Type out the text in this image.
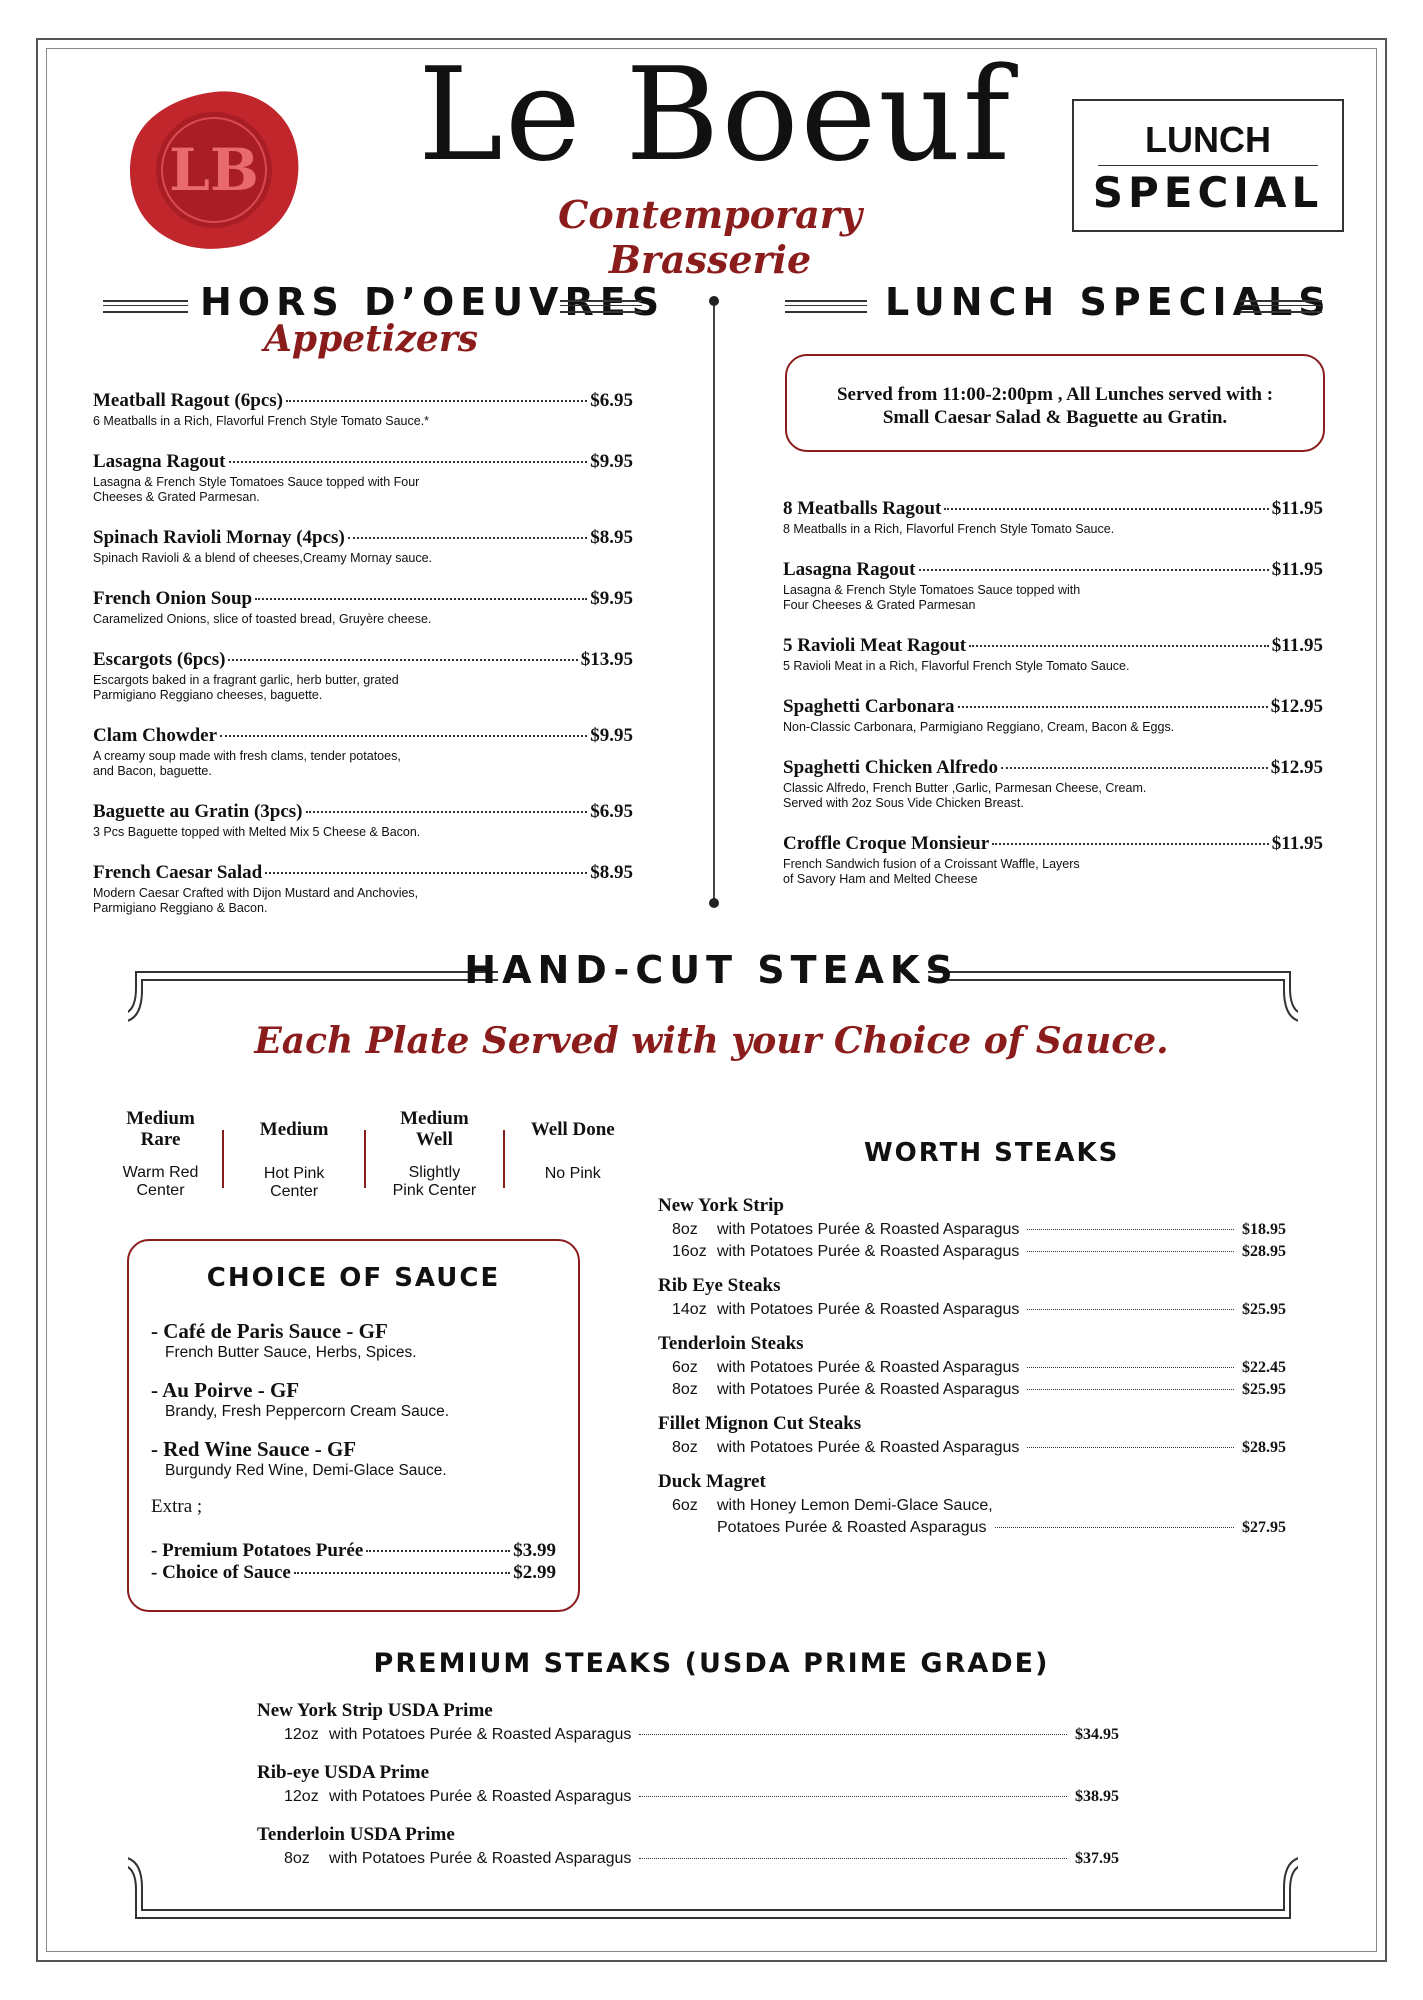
LB Le Boeuf
Contemporary Brasserie
LUNCH
SPECIAL
HORS D’OEUVRES
Appetizers
Meatball Ragout (6pcs)	$6.95
6 Meatballs in a Rich, Flavorful French Style Tomato Sauce.*
Lasagna Ragout	$9.95
Lasagna & French Style Tomatoes Sauce topped with Four
Cheeses & Grated Parmesan.
Spinach Ravioli Mornay (4pcs)	$8.95
Spinach Ravioli & a blend of cheeses,Creamy Mornay sauce.
French Onion Soup	$9.95
Caramelized Onions, slice of toasted bread, Gruyère cheese.
Escargots (6pcs)	$13.95
Escargots baked in a fragrant garlic, herb butter, grated
Parmigiano Reggiano cheeses, baguette.
Clam Chowder	$9.95
A creamy soup made with fresh clams, tender potatoes,
and Bacon, baguette.
Baguette au Gratin (3pcs)	$6.95
3 Pcs Baguette topped with Melted Mix 5 Cheese & Bacon.
French Caesar Salad	$8.95
Modern Caesar Crafted with Dijon Mustard and Anchovies,
Parmigiano Reggiano & Bacon.
LUNCH SPECIALS
Served from 11:00-2:00pm , All Lunches served with :
Small Caesar Salad & Baguette au Gratin.
8 Meatballs Ragout	$11.95
8 Meatballs in a Rich, Flavorful French Style Tomato Sauce.
Lasagna Ragout	$11.95
Lasagna & French Style Tomatoes Sauce topped with
Four Cheeses & Grated Parmesan
5 Ravioli Meat Ragout	$11.95
5 Ravioli Meat in a Rich, Flavorful French Style Tomato Sauce.
Spaghetti Carbonara	$12.95
Non-Classic Carbonara, Parmigiano Reggiano, Cream, Bacon & Eggs.
Spaghetti Chicken Alfredo	$12.95
Classic Alfredo, French Butter ,Garlic, Parmesan Cheese, Cream.
Served with 2oz Sous Vide Chicken Breast.
Croffle Croque Monsieur	$11.95
French Sandwich fusion of a Croissant Waffle, Layers
of Savory Ham and Melted Cheese
HAND-CUT STEAKS
Each Plate Served with your Choice of Sauce.
Medium
Rare
Warm Red
Center
Medium
Hot Pink
Center
Medium
Well
Slightly
Pink Center
Well Done
No Pink
CHOICE OF SAUCE
- Café de Paris Sauce - GF
French Butter Sauce, Herbs, Spices.
- Au Poirve - GF
Brandy, Fresh Peppercorn Cream Sauce.
- Red Wine Sauce - GF
Burgundy Red Wine, Demi-Glace Sauce.
Extra ;
- Premium Potatoes Purée	$3.99
- Choice of Sauce	$2.99
WORTH STEAKS
New York Strip
8oz	with Potatoes Purée & Roasted Asparagus	$18.95
16oz with Potatoes Purée & Roasted Asparagus	$28.95
Rib Eye Steaks
14oz with Potatoes Purée & Roasted Asparagus	$25.95
Tenderloin Steaks
6oz	with Potatoes Purée & Roasted Asparagus	$22.45
8oz	with Potatoes Purée & Roasted Asparagus	$25.95
Fillet Mignon Cut Steaks
8oz	with Potatoes Purée & Roasted Asparagus	$28.95
Duck Magret
6oz	with Honey Lemon Demi-Glace Sauce,
Potatoes Purée & Roasted Asparagus	$27.95
PREMIUM STEAKS (USDA PRIME GRADE)
New York Strip USDA Prime
12oz with Potatoes Purée & Roasted Asparagus	$34.95
Rib-eye USDA Prime
12oz with Potatoes Purée & Roasted Asparagus	$38.95
Tenderloin USDA Prime
8oz	with Potatoes Purée & Roasted Asparagus	$37.95
